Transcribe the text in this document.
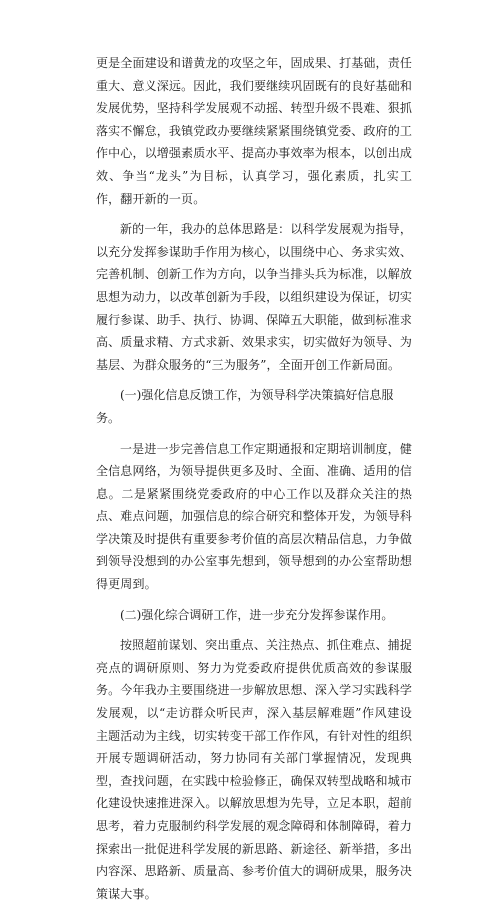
更是全面建设和谱黄龙的攻坚之年，固成果、打基础，责任重大、意义深远。因此，我们要继续巩固既有的良好基础和发展优势，坚持科学发展观不动摇、转型升级不畏难、狠抓落实不懈怠，我镇党政办要继续紧紧围绕镇党委、政府的工作中心，以增强素质水平、提高办事效率为根本，以创出成效、争当“龙头”为目标，认真学习，强化素质，扎实工作，翻开新的一页。

新的一年，我办的总体思路是：以科学发展观为指导，以充分发挥参谋助手作用为核心，以围绕中心、务求实效、完善机制、创新工作为方向，以争当排头兵为标准，以解放思想为动力，以改革创新为手段，以组织建设为保证，切实履行参谋、助手、执行、协调、保障五大职能，做到标准求高、质量求精、方式求新、效果求实，切实做好为领导、为基层、为群众服务的“三为服务”，全面开创工作新局面。

(一)强化信息反馈工作，为领导科学决策搞好信息服务。

一是进一步完善信息工作定期通报和定期培训制度，健全信息网络，为领导提供更多及时、全面、准确、适用的信息。二是紧紧围绕党委政府的中心工作以及群众关注的热点、难点问题，加强信息的综合研究和整体开发，为领导科学决策及时提供有重要参考价值的高层次精品信息，力争做到领导没想到的办公室事先想到，领导想到的办公室帮助想得更周到。

(二)强化综合调研工作，进一步充分发挥参谋作用。

按照超前谋划、突出重点、关注热点、抓住难点、捕捉亮点的调研原则、努力为党委政府提供优质高效的参谋服务。今年我办主要围绕进一步解放思想、深入学习实践科学发展观，以“走访群众听民声，深入基层解难题”作风建设主题活动为主线，切实转变干部工作作风，有针对性的组织开展专题调研活动，努力协同有关部门掌握情况，发现典型，查找问题，在实践中检验修正，确保双转型战略和城市化建设快速推进深入。以解放思想为先导，立足本职，超前思考，着力克服制约科学发展的观念障碍和体制障碍，着力探索出一批促进科学发展的新思路、新途径、新举措，多出内容深、思路新、质量高、参考价值大的调研成果，服务决策谋大事。
